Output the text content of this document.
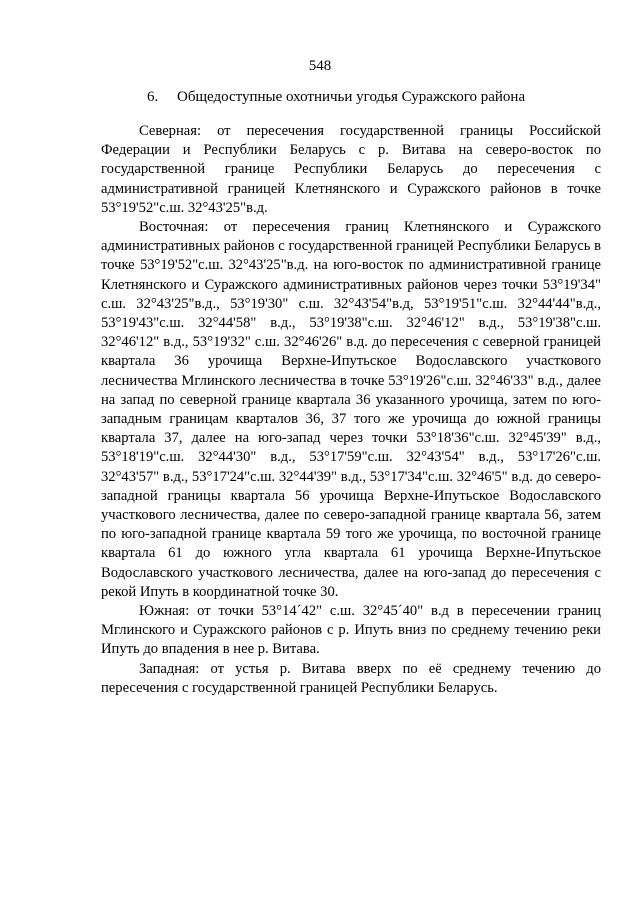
548
6. Общедоступные охотничьи угодья Суражского района

Северная: от пересечения государственной границы Российской Федерации и Республики Беларусь с р. Витава на северо-восток по государственной границе Республики Беларусь до пересечения с административной границей Клетнянского и Суражского районов в точке 53°19'52"с.ш. 32°43'25"в.д.

Восточная: от пересечения границ Клетнянского и Суражского административных районов с государственной границей Республики Беларусь в точке 53°19'52"с.ш. 32°43'25"в.д. на юго-восток по административной границе Клетнянского и Суражского административных районов через точки 53°19'34" с.ш. 32°43'25"в.д., 53°19'30" с.ш. 32°43'54"в.д, 53°19'51"с.ш. 32°44'44"в.д., 53°19'43"с.ш. 32°44'58" в.д., 53°19'38"с.ш. 32°46'12" в.д., 53°19'38"с.ш. 32°46'12" в.д., 53°19'32" с.ш. 32°46'26" в.д. до пересечения с северной границей квартала 36 урочища Верхне-Ипутьское Водославского участкового лесничества Мглинского лесничества в точке 53°19'26"с.ш. 32°46'33" в.д., далее на запад по северной границе квартала 36 указанного урочища, затем по юго-западным границам кварталов 36, 37 того же урочища до южной границы квартала 37, далее на юго-запад через точки 53°18'36"с.ш. 32°45'39" в.д., 53°18'19"с.ш. 32°44'30" в.д., 53°17'59"с.ш. 32°43'54" в.д., 53°17'26"с.ш. 32°43'57" в.д., 53°17'24"с.ш. 32°44'39" в.д., 53°17'34"с.ш. 32°46'5" в.д. до северо-западной границы квартала 56 урочища Верхне-Ипутьское Водославского участкового лесничества, далее по северо-западной границе квартала 56, затем по юго-западной границе квартала 59 того же урочища, по восточной границе квартала 61 до южного угла квартала 61 урочища Верхне-Ипутьское Водославского участкового лесничества, далее на юго-запад до пересечения с рекой Ипуть в координатной точке 30.

Южная: от точки 53°14´42" с.ш. 32°45´40" в.д в пересечении границ Мглинского и Суражского районов с р. Ипуть вниз по среднему течению реки Ипуть до впадения в нее р. Витава.

Западная: от устья р. Витава вверх по её среднему течению до пересечения с государственной границей Республики Беларусь.
